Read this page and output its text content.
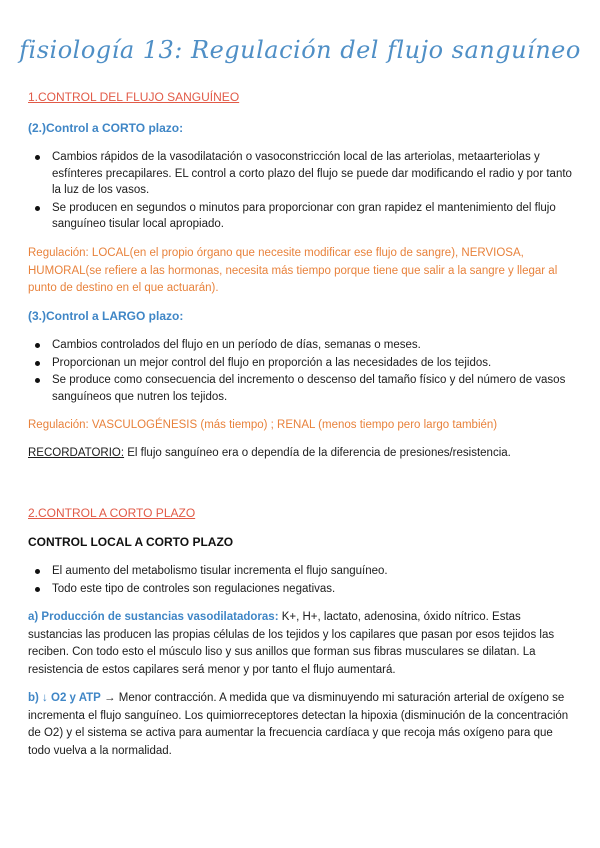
fisiología 13: Regulación del flujo sanguíneo
1.CONTROL DEL FLUJO SANGUÍNEO
(2.)Control a CORTO plazo:
Cambios rápidos de la vasodilatación o vasoconstricción local de las arteriolas, metaarteriolas y esfínteres precapilares. EL control a corto plazo del flujo se puede dar modificando el radio y por tanto la luz de los vasos.
Se producen en segundos o minutos para proporcionar con gran rapidez el mantenimiento del flujo sanguíneo tisular local apropiado.
Regulación: LOCAL(en el propio órgano que necesite modificar ese flujo de sangre), NERVIOSA, HUMORAL(se refiere a las hormonas, necesita más tiempo porque tiene que salir a la sangre y llegar al punto de destino en el que actuarán).
(3.)Control a LARGO plazo:
Cambios controlados del flujo en un período de días, semanas o meses.
Proporcionan un mejor control del flujo en proporción a las necesidades de los tejidos.
Se produce como consecuencia del incremento o descenso del tamaño físico y del número de vasos sanguíneos que nutren los tejidos.
Regulación: VASCULOGÉNESIS (más tiempo) ; RENAL (menos tiempo pero largo también)
RECORDATORIO: El flujo sanguíneo era o dependía de la diferencia de presiones/resistencia.
2.CONTROL A CORTO PLAZO
CONTROL LOCAL A CORTO PLAZO
El aumento del metabolismo tisular incrementa el flujo sanguíneo.
Todo este tipo de controles son regulaciones negativas.
a) Producción de sustancias vasodilatadoras: K+, H+, lactato, adenosina, óxido nítrico. Estas sustancias las producen las propias células de los tejidos y los capilares que pasan por esos tejidos las reciben. Con todo esto el músculo liso y sus anillos que forman sus fibras musculares se dilatan. La resistencia de estos capilares será menor y por tanto el flujo aumentará.
b) ↓ O2 y ATP → Menor contracción. A medida que va disminuyendo mi saturación arterial de oxígeno se incrementa el flujo sanguíneo. Los quimiorreceptores detectan la hipoxia (disminución de la concentración de O2) y el sistema se activa para aumentar la frecuencia cardíaca y que recoja más oxígeno para que todo vuelva a la normalidad.
